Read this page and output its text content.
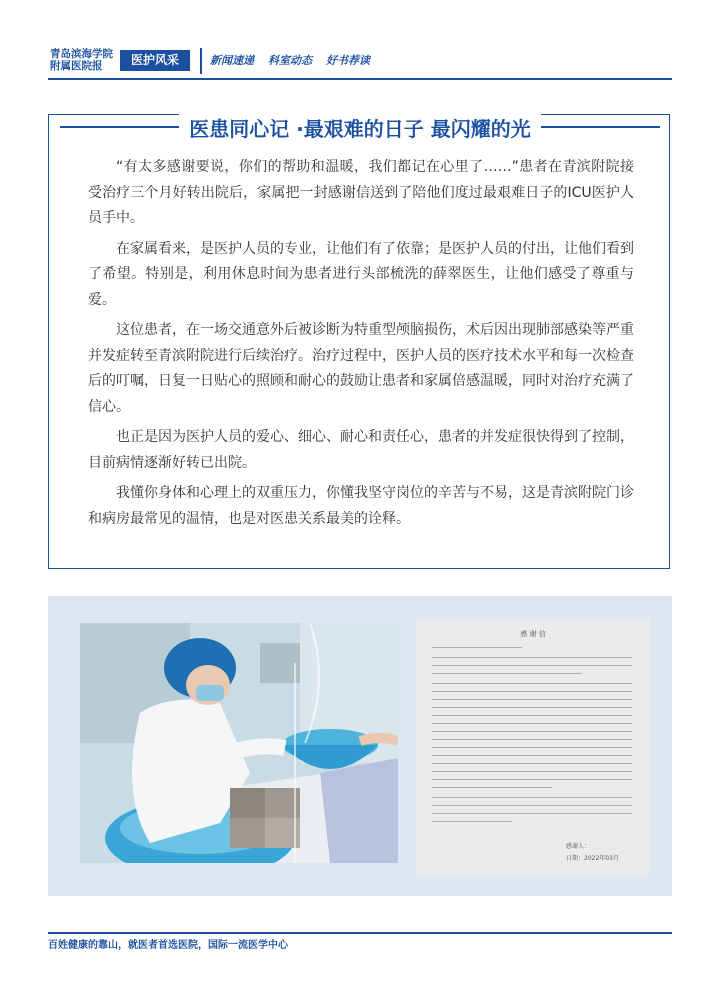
青岛滨海学院
附属医院报	医护风采	新闻速递 科室动态 好书荐读
医患同心记 ·最艰难的日子 最闪耀的光

“有太多感谢要说，你们的帮助和温暖，我们都记在心里了……”患者在青滨附院接受治疗三个月好转出院后，家属把一封感谢信送到了陪他们度过最艰难日子的ICU医护人员手中。

在家属看来，是医护人员的专业，让他们有了依靠；是医护人员的付出，让他们看到了希望。特别是，利用休息时间为患者进行头部梳洗的薛翠医生，让他们感受了尊重与爱。

这位患者，在一场交通意外后被诊断为特重型颅脑损伤，术后因出现肺部感染等严重并发症转至青滨附院进行后续治疗。治疗过程中，医护人员的医疗技术水平和每一次检查后的叮嘱，日复一日贴心的照顾和耐心的鼓励让患者和家属倍感温暖，同时对治疗充满了信心。

也正是因为医护人员的爱心、细心、耐心和责任心，患者的并发症很快得到了控制，目前病情逐渐好转已出院。

我懂你身体和心理上的双重压力，你懂我坚守岗位的辛苦与不易，这是青滨附院门诊和病房最常见的温情，也是对医患关系最美的诠释。

感 谢 信
感谢人：
日期：2022年03月
百姓健康的靠山，就医者首选医院，国际一流医学中心
